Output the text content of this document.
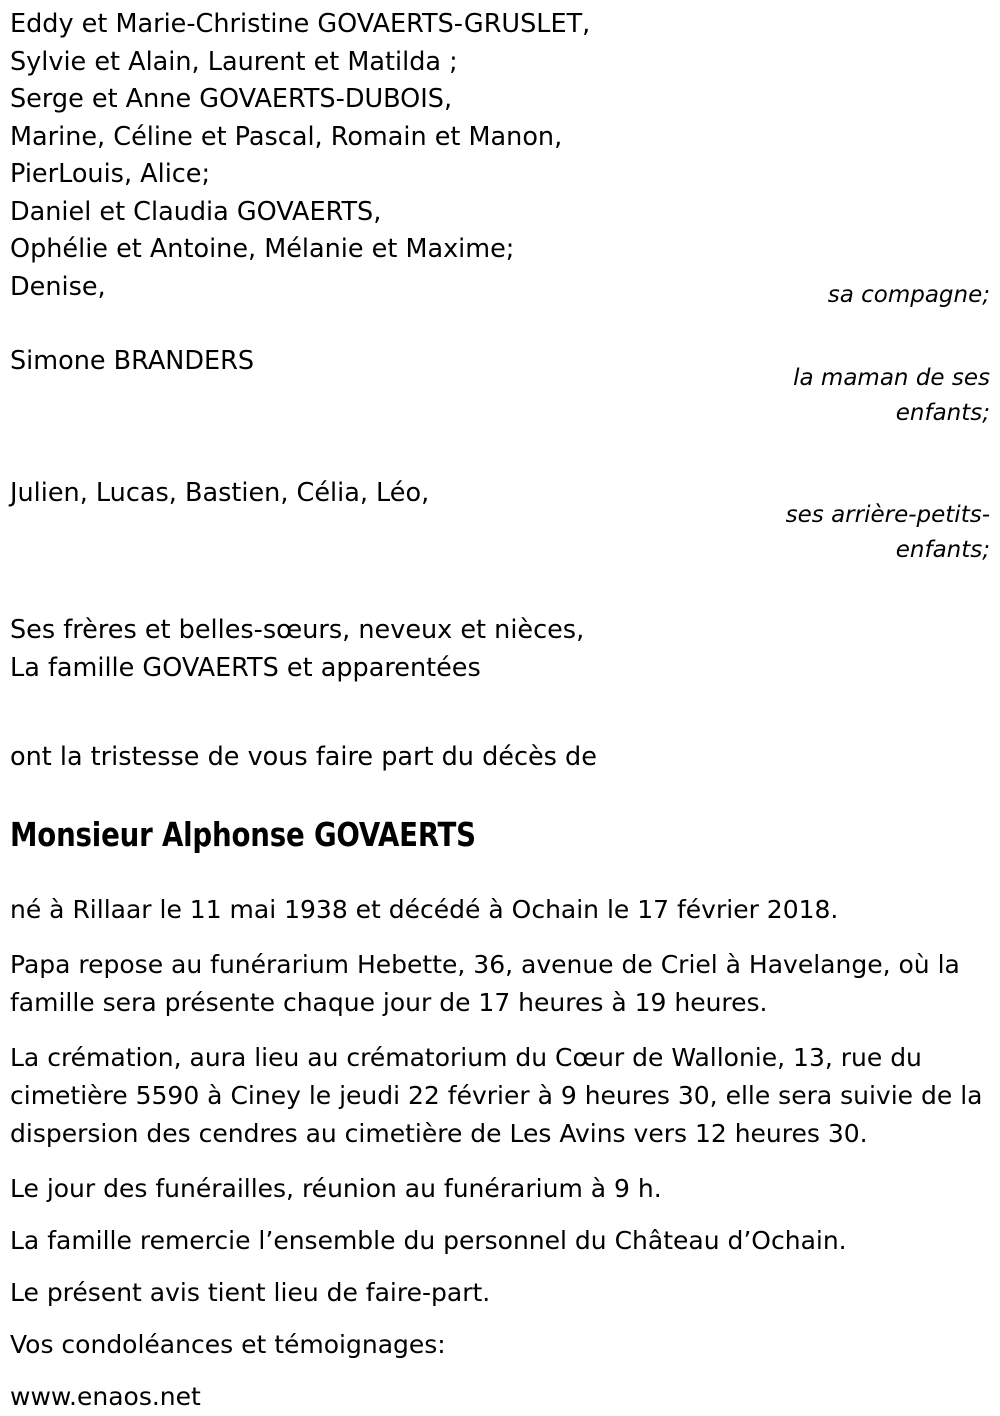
Eddy et Marie-Christine GOVAERTS-GRUSLET,
Sylvie et Alain, Laurent et Matilda ;
Serge et Anne GOVAERTS-DUBOIS,
Marine, Céline et Pascal, Romain et Manon,
PierLouis, Alice;
Daniel et Claudia GOVAERTS,
Ophélie et Antoine, Mélanie et Maxime;
Denise,	sa compagne;
Simone BRANDERS
la maman de ses
enfants;
Julien, Lucas, Bastien, Célia, Léo,
ses arrière-petits-
enfants;
Ses frères et belles-sœurs, neveux et nièces,
La famille GOVAERTS et apparentées
ont la tristesse de vous faire part du décès de
Monsieur Alphonse GOVAERTS
né à Rillaar le 11 mai 1938 et décédé à Ochain le 17 février 2018.
Papa repose au funérarium Hebette, 36, avenue de Criel à Havelange, où la famille sera présente chaque jour de 17 heures à 19 heures.
La crémation, aura lieu au crématorium du Cœur de Wallonie, 13, rue du cimetière 5590 à Ciney le jeudi 22 février à 9 heures 30, elle sera suivie de la dispersion des cendres au cimetière de Les Avins vers 12 heures 30.
Le jour des funérailles, réunion au funérarium à 9 h.
La famille remercie l’ensemble du personnel du Château d’Ochain.
Le présent avis tient lieu de faire-part.
Vos condoléances et témoignages:
www.enaos.net
